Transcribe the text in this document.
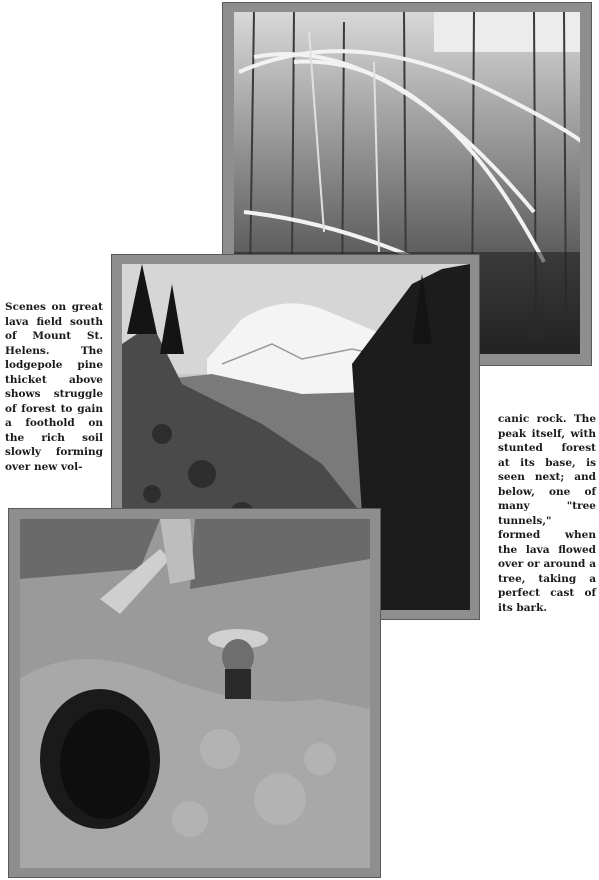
Scenes on great lava field south of Mount St. Helens. The lodgepole pine thicket above shows struggle of forest to gain a foothold on the rich soil slowly forming over new vol-

canic rock. The peak itself, with stunted forest at its base, is seen next; and below, one of many "tree tunnels," formed when the lava flowed over or around a tree, taking a perfect cast of its bark.
